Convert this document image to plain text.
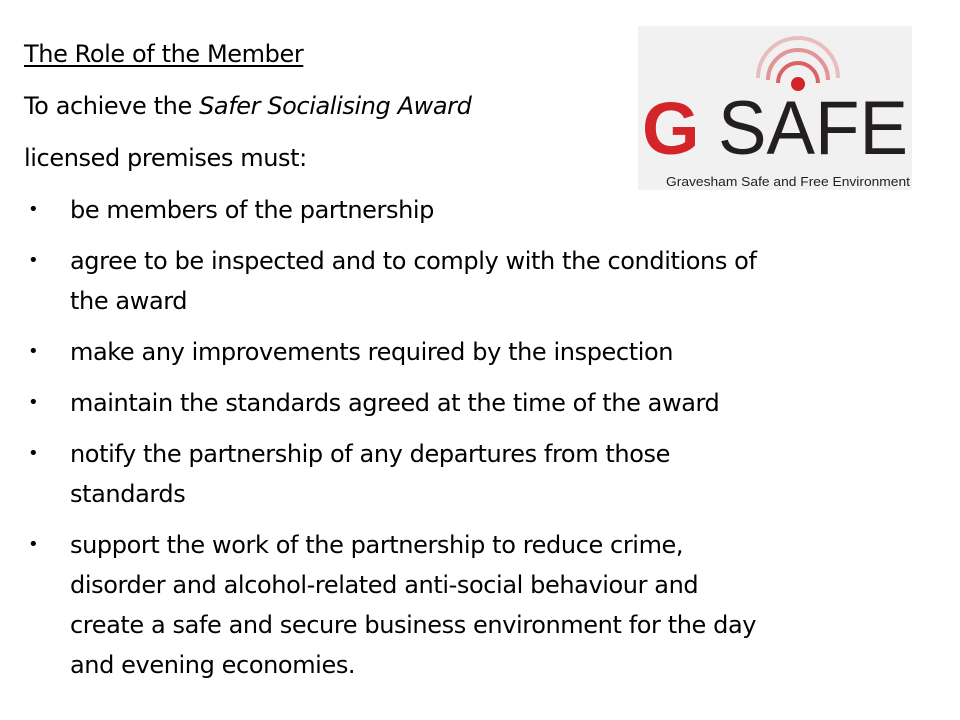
The Role of the Member

To achieve the Safer Socialising Award

licensed premises must:

• be members of the partnership
• agree to be inspected and to comply with the conditions of
the award
• make any improvements required by the inspection
• maintain the standards agreed at the time of the award
• notify the partnership of any departures from those
standards
• support the work of the partnership to reduce crime,
disorder and alcohol-related anti-social behaviour and
create a safe and secure business environment for the day
and evening economies.
G SAFE
Gravesham Safe and Free Environment
